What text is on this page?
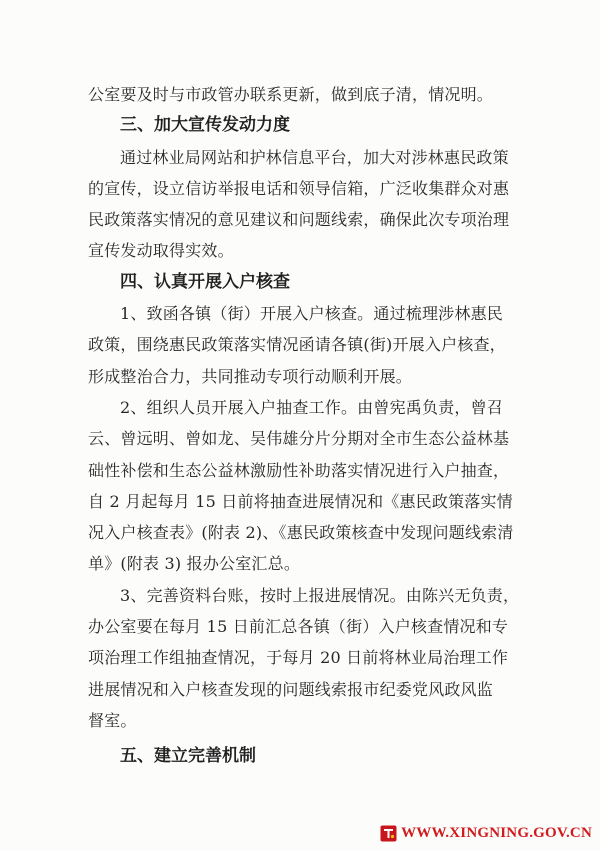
公室要及时与市政管办联系更新，做到底子清，情况明。
三、加大宣传发动力度
通过林业局网站和护林信息平台，加大对涉林惠民政策
的宣传，设立信访举报电话和领导信箱，广泛收集群众对惠
民政策落实情况的意见建议和问题线索，确保此次专项治理
宣传发动取得实效。
四、认真开展入户核查
1、致函各镇（街）开展入户核查。通过梳理涉林惠民
政策，围绕惠民政策落实情况函请各镇(街)开展入户核查，
形成整治合力，共同推动专项行动顺利开展。
2、组织人员开展入户抽查工作。由曾宪禹负责，曾召
云、曾远明、曾如龙、吴伟雄分片分期对全市生态公益林基
础性补偿和生态公益林激励性补助落实情况进行入户抽查，
自 2 月起每月 15 日前将抽查进展情况和《惠民政策落实情
况入户核查表》(附表 2)、《惠民政策核查中发现问题线索清
单》(附表 3) 报办公室汇总。
3、完善资料台账，按时上报进展情况。由陈兴无负责，
办公室要在每月 15 日前汇总各镇（街）入户核查情况和专
项治理工作组抽查情况，于每月 20 日前将林业局治理工作
进展情况和入户核查发现的问题线索报市纪委党风政风监
督室。
五、建立完善机制
WWW.XINGNING.GOV.CN
